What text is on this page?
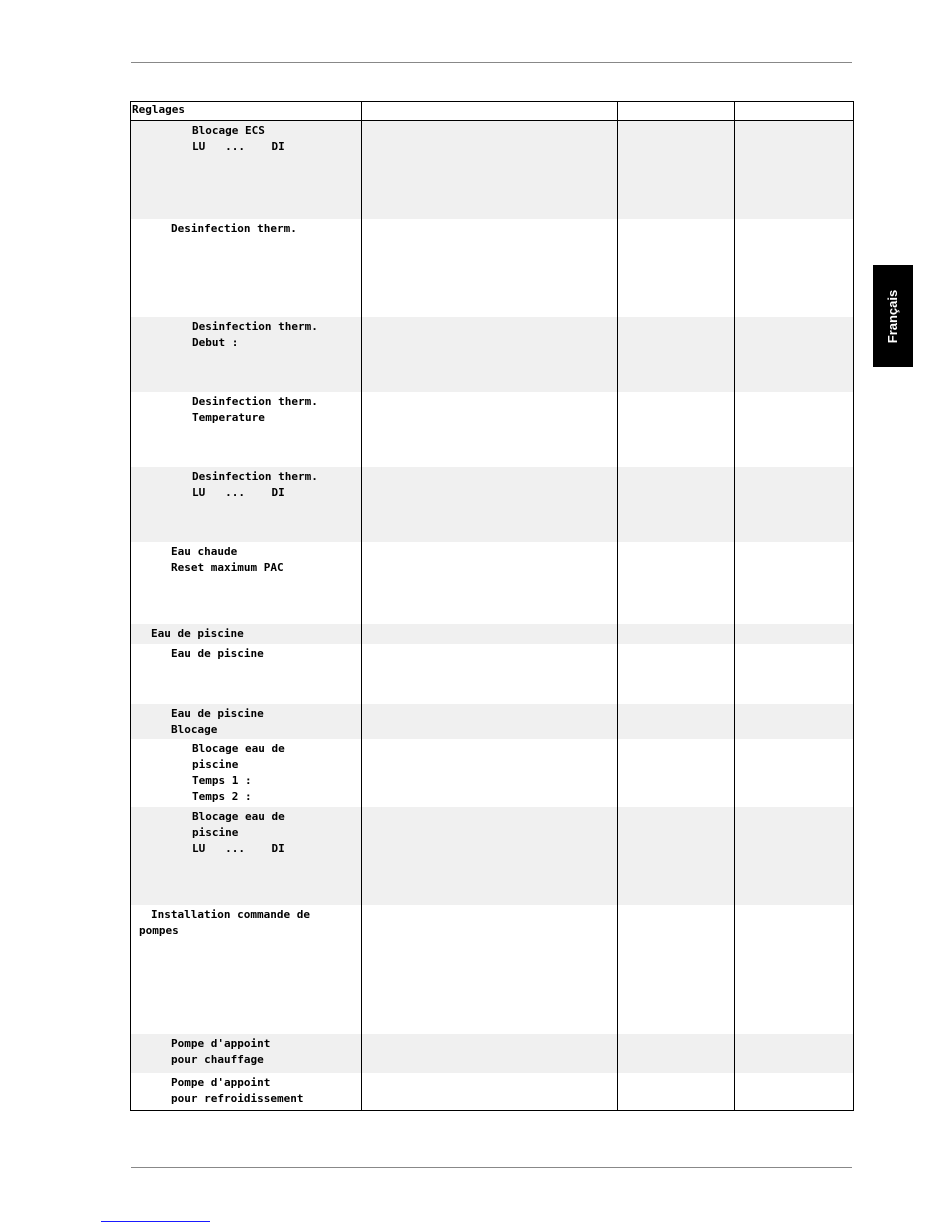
Reglages			

Blocage ECS
LU   ...    DI			

Desinfection therm.			

Desinfection therm.
Debut :			

Desinfection therm.
Temperature			

Desinfection therm.
LU   ...    DI			

Eau chaude
Reset maximum PAC			

Eau de piscine			

Eau de piscine			

Eau de piscine
Blocage			

Blocage eau de
piscine
Temps 1 :
Temps 2 :			

Blocage eau de
piscine
LU   ...    DI			

Installation commande de
pompes			

Pompe d'appoint
pour chauffage			

Pompe d'appoint
pour refroidissement			

Français
